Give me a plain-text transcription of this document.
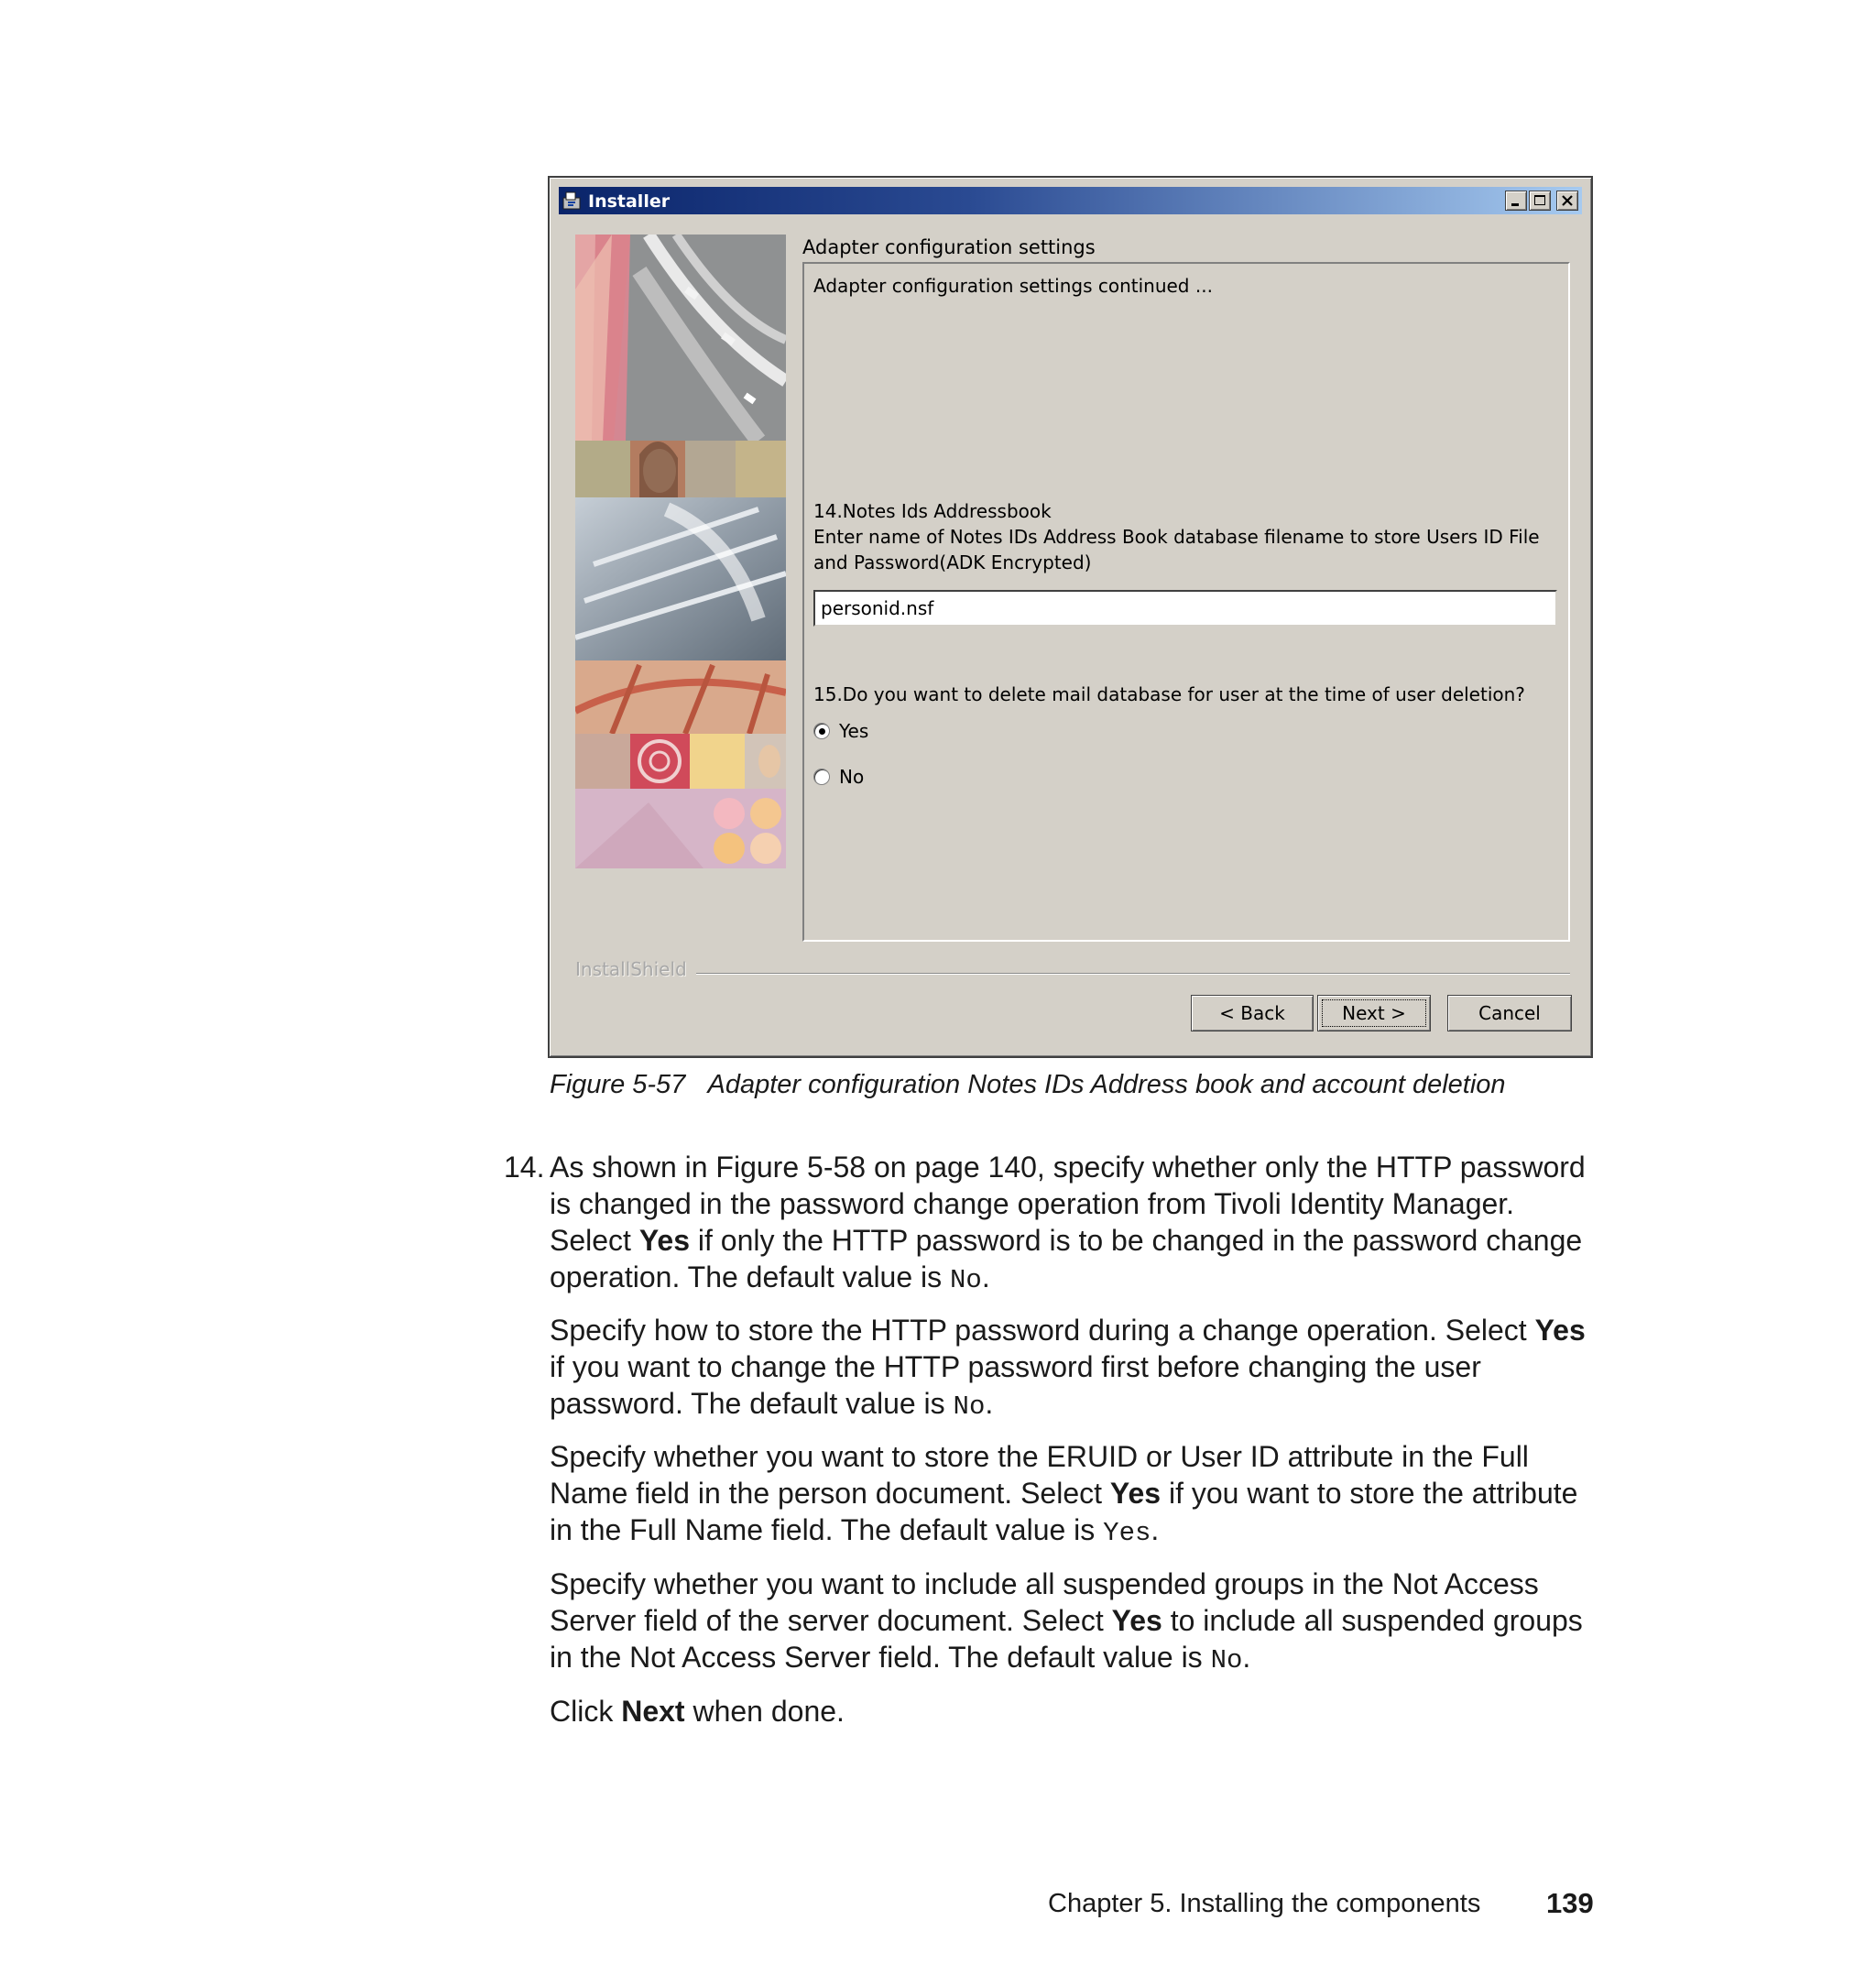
Installer
Adapter configuration settings
Adapter configuration settings continued ...
14.Notes Ids Addressbook
Enter name of Notes IDs Address Book database filename to store Users ID File
and Password(ADK Encrypted)
personid.nsf
15.Do you want to delete mail database for user at the time of user deletion?
Yes
No
InstallShield
< Back	Next >	Cancel
Figure 5-57 Adapter configuration Notes IDs Address book and account deletion
14. As shown in Figure 5-58 on page 140, specify whether only the HTTP password is changed in the password change operation from Tivoli Identity Manager. Select Yes if only the HTTP password is to be changed in the password change operation. The default value is No.

Specify how to store the HTTP password during a change operation. Select Yes if you want to change the HTTP password first before changing the user password. The default value is No.

Specify whether you want to store the ERUID or User ID attribute in the Full Name field in the person document. Select Yes if you want to store the attribute in the Full Name field. The default value is Yes.

Specify whether you want to include all suspended groups in the Not Access Server field of the server document. Select Yes to include all suspended groups in the Not Access Server field. The default value is No.

Click Next when done.

Chapter 5. Installing the components 139
